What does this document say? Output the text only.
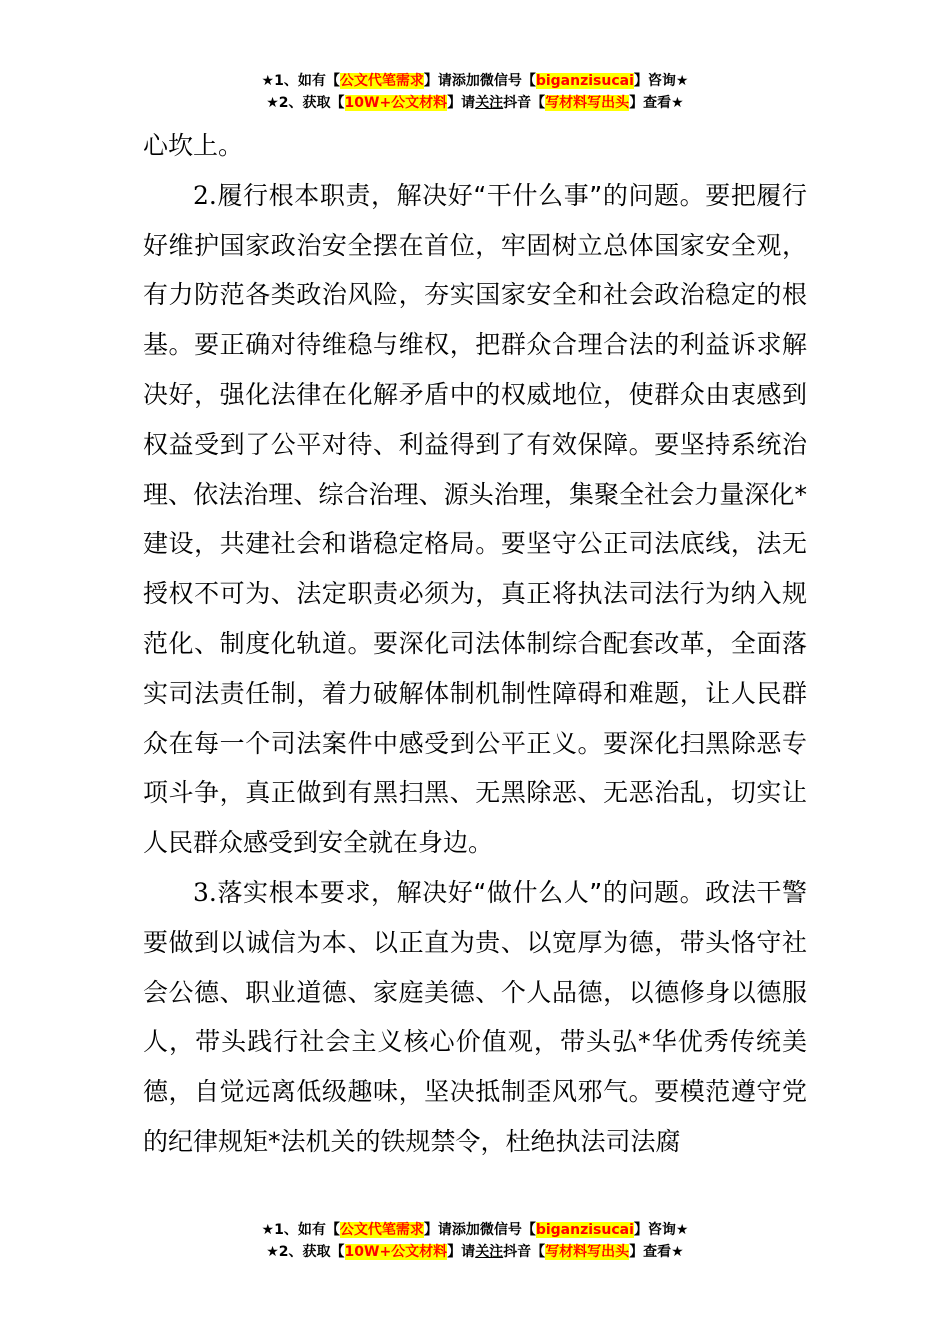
★1、如有【公文代笔需求】请添加微信号【biganzisucai】咨询★
★2、获取【10W+公文材料】请关注抖音【写材料写出头】查看★

心坎上。

2.履行根本职责，解决好“干什么事”的问题。要把履行好维护国家政治安全摆在首位，牢固树立总体国家安全观，有力防范各类政治风险，夯实国家安全和社会政治稳定的根基。要正确对待维稳与维权，把群众合理合法的利益诉求解决好，强化法律在化解矛盾中的权威地位，使群众由衷感到权益受到了公平对待、利益得到了有效保障。要坚持系统治理、依法治理、综合治理、源头治理，集聚全社会力量深化*建设，共建社会和谐稳定格局。要坚守公正司法底线，法无授权不可为、法定职责必须为，真正将执法司法行为纳入规范化、制度化轨道。要深化司法体制综合配套改革，全面落实司法责任制，着力破解体制机制性障碍和难题，让人民群众在每一个司法案件中感受到公平正义。要深化扫黑除恶专项斗争，真正做到有黑扫黑、无黑除恶、无恶治乱，切实让人民群众感受到安全就在身边。

3.落实根本要求，解决好“做什么人”的问题。政法干警要做到以诚信为本、以正直为贵、以宽厚为德，带头恪守社会公德、职业道德、家庭美德、个人品德，以德修身以德服人，带头践行社会主义核心价值观，带头弘*华优秀传统美德，自觉远离低级趣味，坚决抵制歪风邪气。要模范遵守党的纪律规矩*法机关的铁规禁令，杜绝执法司法腐

★1、如有【公文代笔需求】请添加微信号【biganzisucai】咨询★
★2、获取【10W+公文材料】请关注抖音【写材料写出头】查看★
